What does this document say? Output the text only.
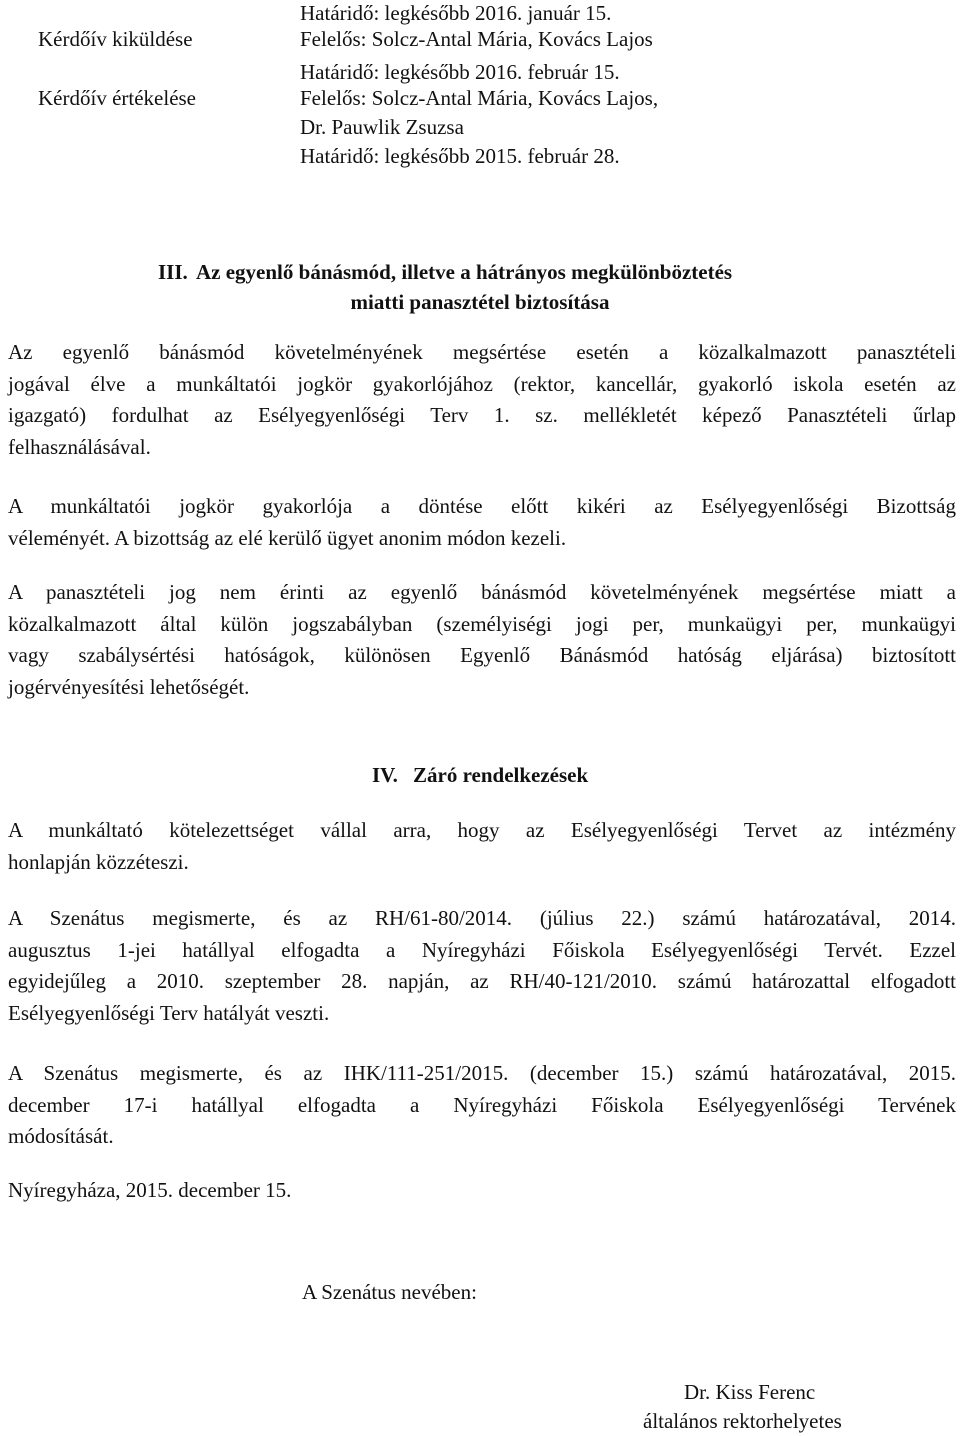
Kérdőív kiküldése
Határidő: legkésőbb 2016. január 15.
Felelős: Solcz-Antal Mária, Kovács Lajos
Kérdőív értékelése
Határidő: legkésőbb 2016. február 15.
Felelős: Solcz-Antal Mária, Kovács Lajos,
Dr. Pauwlik Zsuzsa
Határidő: legkésőbb 2015. február 28.
III. Az egyenlő bánásmód, illetve a hátrányos megkülönböztetés
miatti panasztétel biztosítása
Az egyenlő bánásmód követelményének megsértése esetén a közalkalmazott panasztételi
jogával élve a munkáltatói jogkör gyakorlójához (rektor, kancellár, gyakorló iskola esetén az
igazgató) fordulhat az Esélyegyenlőségi Terv 1. sz. mellékletét képező Panasztételi űrlap
felhasználásával.
A munkáltatói jogkör gyakorlója a döntése előtt kikéri az Esélyegyenlőségi Bizottság
véleményét. A bizottság az elé kerülő ügyet anonim módon kezeli.
A panasztételi jog nem érinti az egyenlő bánásmód követelményének megsértése miatt a
közalkalmazott által külön jogszabályban (személyiségi jogi per, munkaügyi per, munkaügyi
vagy szabálysértési hatóságok, különösen Egyenlő Bánásmód hatóság eljárása) biztosított
jogérvényesítési lehetőségét.
IV. Záró rendelkezések
A munkáltató kötelezettséget vállal arra, hogy az Esélyegyenlőségi Tervet az intézmény
honlapján közzéteszi.
A Szenátus megismerte, és az RH/61-80/2014. (július 22.) számú határozatával, 2014.
augusztus 1-jei hatállyal elfogadta a Nyíregyházi Főiskola Esélyegyenlőségi Tervét. Ezzel
egyidejűleg a 2010. szeptember 28. napján, az RH/40-121/2010. számú határozattal elfogadott
Esélyegyenlőségi Terv hatályát veszti.
A Szenátus megismerte, és az IHK/111-251/2015. (december 15.) számú határozatával, 2015.
december 17-i hatállyal elfogadta a Nyíregyházi Főiskola Esélyegyenlőségi Tervének
módosítását.
Nyíregyháza, 2015. december 15.
A Szenátus nevében:
Dr. Kiss Ferenc
általános rektorhelyetes
